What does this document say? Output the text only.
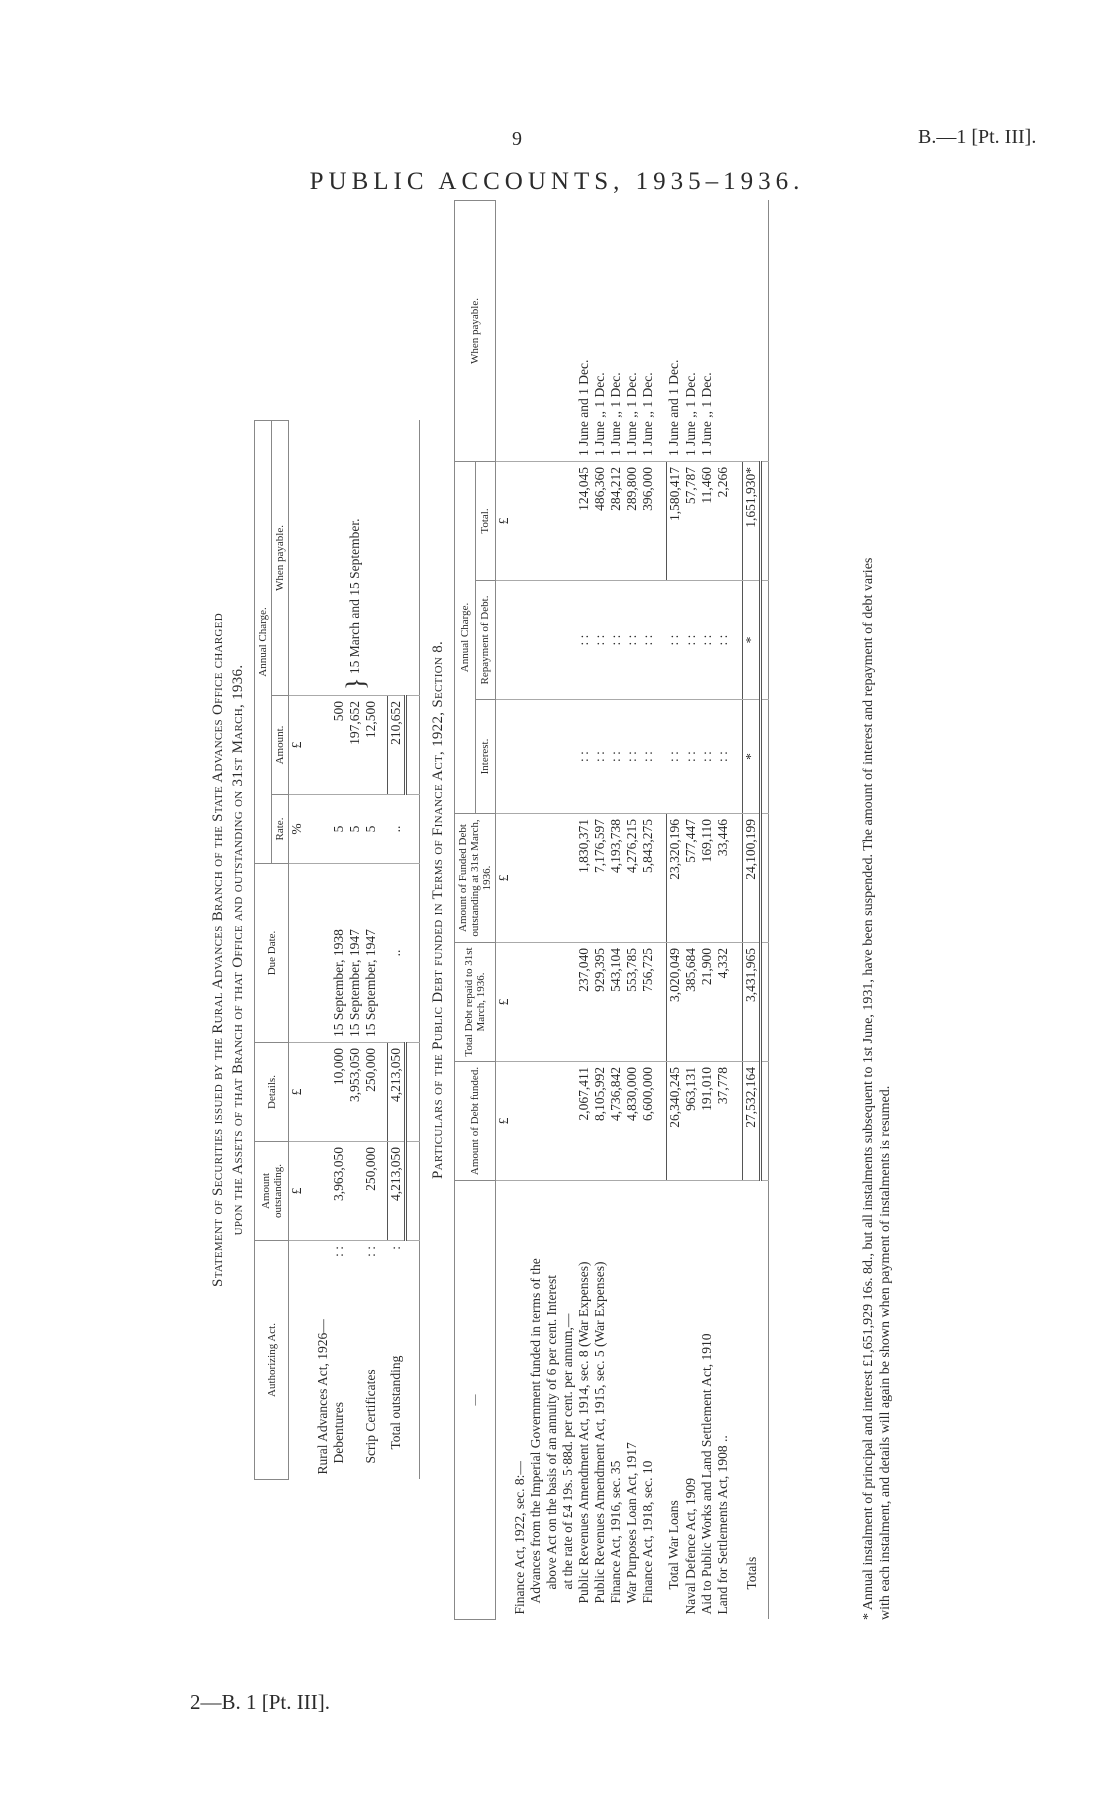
9	B.—1 [Pt. III].
PUBLIC ACCOUNTS, 1935–1936.
2—B. 1 [Pt. III].
Statement of Securities issued by the Rural Advances Branch of the State Advances Office charged upon the Assets of that Branch of that Office and outstanding on 31st March, 1936.
Authorizing Act.	Amount outstanding.	Details.	Due Date.	Annual Charge.		
				Rate.	Amount.	When payable.
	£	£		%	£	

Rural Advances Act, 1926—						
Debentures
: :	3,963,050	10,000	15 September, 1938	5	500	} 15 March and 15 September.
		3,953,050	15 September, 1947	5	197,652	
Scrip Certificates
: :	250,000	250,000	15 September, 1947	5	12,500	

Total outstanding
:	4,213,050	4,213,050	..	..	210,652	
						Particulars of the Public Debt funded in Terms of Finance Act, 1922, Section 8.
—	Amount of Debt funded.	Total Debt repaid to 31st March, 1936.	Amount of Funded Debt outstanding at 31st March, 1936.	Annual Charge.			When payable.
				Interest.	Repayment of Debt.	Total.	
	£	£	£			£	
Finance Act, 1922, sec. 8:—							
Advances from the Imperial Government funded in terms of the							
above Act on the basis of an annuity of 6 per cent. Interest							
at the rate of £4 19s. 5·88d. per cent. per annum,—							
Public Revenues Amendment Act, 1914, sec. 8 (War Expenses)	2,067,411	237,040	1,830,371	: :	: :	124,045	1 June and 1 Dec.
Public Revenues Amendment Act, 1915, sec. 5 (War Expenses)	8,105,992	929,395	7,176,597	: :	: :	486,360	1 June ,, 1 Dec.
Finance Act, 1916, sec. 35	4,736,842	543,104	4,193,738	: :	: :	284,212	1 June ,, 1 Dec.
War Purposes Loan Act, 1917	4,830,000	553,785	4,276,215	: :	: :	289,800	1 June ,, 1 Dec.
Finance Act, 1918, sec. 10	6,600,000	756,725	5,843,275	: :	: :	396,000	1 June ,, 1 Dec.

Total War Loans	26,340,245	3,020,049	23,320,196	: :	: :	1,580,417	1 June and 1 Dec.
Naval Defence Act, 1909	963,131	385,684	577,447	: :	: :	57,787	1 June ,, 1 Dec.
Aid to Public Works and Land Settlement Act, 1910	191,010	21,900	169,110	: :	: :	11,460	1 June ,, 1 Dec.
Land for Settlements Act, 1908 ..	37,778	4,332	33,446	: :	: :	2,266	

Totals	27,532,164	3,431,965	24,100,199	*	*	1,651,930*	

* Annual instalment of principal and interest £1,651,929 16s. 8d., but all instalments subsequent to 1st June, 1931, have been suspended. The amount of interest and repayment of debt varies with each instalment, and details will again be shown when payment of instalments is resumed.
